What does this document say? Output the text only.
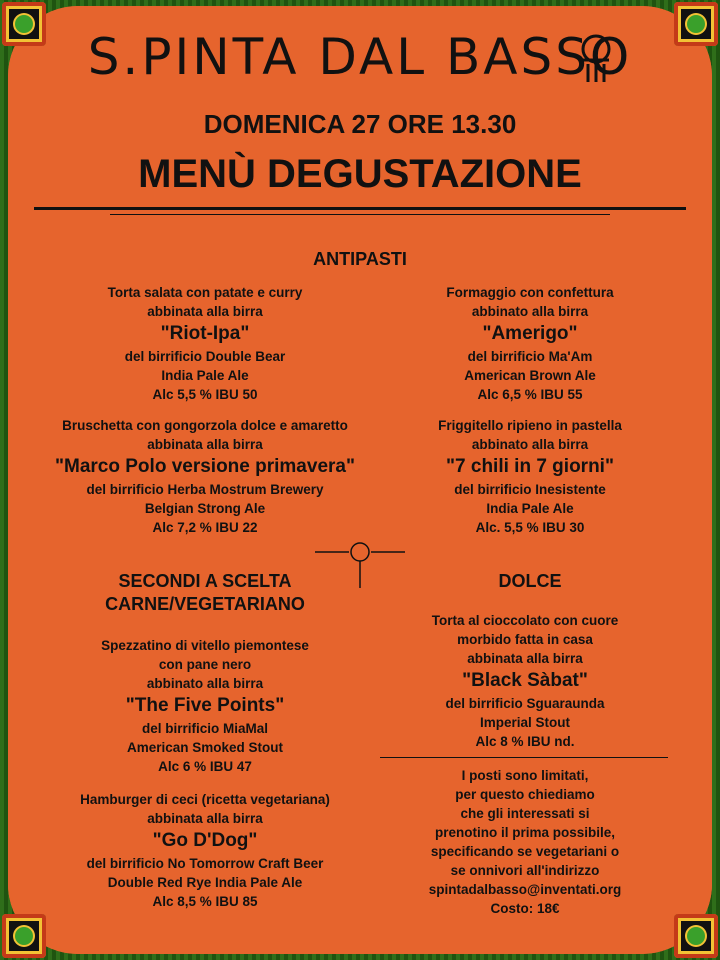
S.PINTA DAL BASSO
DOMENICA 27 ORE 13.30
MENÙ DEGUSTAZIONE
ANTIPASTI
Torta salata con patate e curry
abbinata alla birra
"Riot-Ipa"
del birrificio Double Bear
India Pale Ale
Alc 5,5 % IBU 50
Formaggio con confettura
abbinato alla birra
"Amerigo"
del birrificio Ma'Am
American Brown Ale
Alc 6,5 % IBU 55
Bruschetta con gongorzola dolce e amaretto
abbinata alla birra
"Marco Polo versione primavera"
del birrificio Herba Mostrum Brewery
Belgian Strong Ale
Alc 7,2 % IBU 22
Friggitello ripieno in pastella
abbinato alla birra
"7 chili in 7 giorni"
del birrificio Inesistente
India Pale Ale
Alc. 5,5 % IBU 30
SECONDI A SCELTA
CARNE/VEGETARIANO
Spezzatino di vitello piemontese
con pane nero
abbinato alla birra
"The Five Points"
del birrificio MiaMal
American Smoked Stout
Alc 6 % IBU 47
Hamburger di ceci (ricetta vegetariana)
abbinata alla birra
"Go D'Dog"
del birrificio No Tomorrow Craft Beer
Double Red Rye India Pale Ale
Alc 8,5 % IBU 85
DOLCE
Torta al cioccolato con cuore
morbido fatta in casa
abbinata alla birra
"Black Sàbat"
del birrificio Sguaraunda
Imperial Stout
Alc 8 % IBU nd.
I posti sono limitati,
per questo chiediamo
che gli interessati si
prenotino il prima possibile,
specificando se vegetariani o
se onnivori all'indirizzo
spintadalbasso@inventati.org
Costo: 18€
